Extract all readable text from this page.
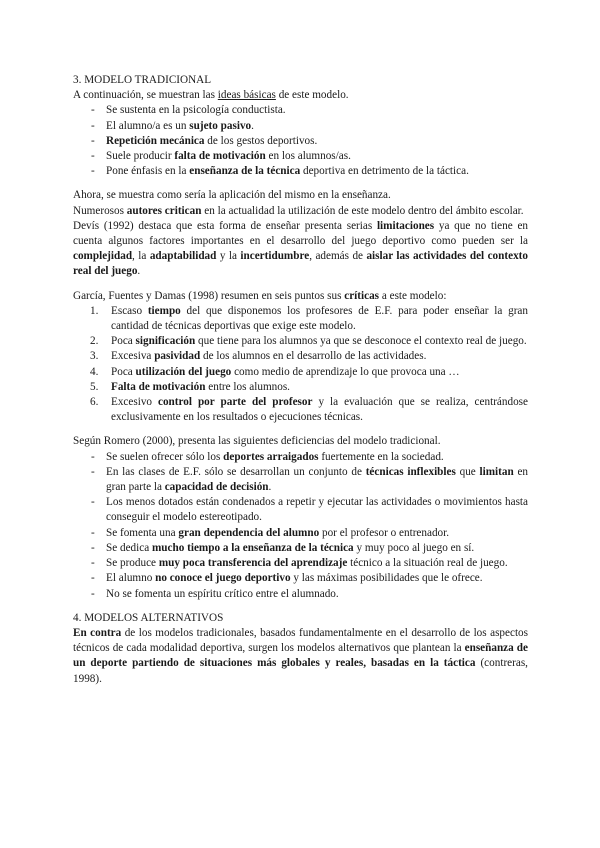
3. MODELO TRADICIONAL

A continuación, se muestran las ideas básicas de este modelo.

- Se sustenta en la psicología conductista.
- El alumno/a es un sujeto pasivo.
- Repetición mecánica de los gestos deportivos.
- Suele producir falta de motivación en los alumnos/as.
- Pone énfasis en la enseñanza de la técnica deportiva en detrimento de la táctica.

Ahora, se muestra como sería la aplicación del mismo en la enseñanza.

Numerosos autores critican en la actualidad la utilización de este modelo dentro del ámbito escolar.

Devís (1992) destaca que esta forma de enseñar presenta serias limitaciones ya que no tiene en cuenta algunos factores importantes en el desarrollo del juego deportivo como pueden ser la complejidad, la adaptabilidad y la incertidumbre, además de aislar las actividades del contexto real del juego.

García, Fuentes y Damas (1998) resumen en seis puntos sus críticas a este modelo:

1. Escaso tiempo del que disponemos los profesores de E.F. para poder enseñar la gran cantidad de técnicas deportivas que exige este modelo.
2. Poca significación que tiene para los alumnos ya que se desconoce el contexto real de juego.
3. Excesiva pasividad de los alumnos en el desarrollo de las actividades.
4. Poca utilización del juego como medio de aprendizaje lo que provoca una …
5. Falta de motivación entre los alumnos.
6. Excesivo control por parte del profesor y la evaluación que se realiza, centrándose exclusivamente en los resultados o ejecuciones técnicas.

Según Romero (2000), presenta las siguientes deficiencias del modelo tradicional.

- Se suelen ofrecer sólo los deportes arraigados fuertemente en la sociedad.
- En las clases de E.F. sólo se desarrollan un conjunto de técnicas inflexibles que limitan en gran parte la capacidad de decisión.
- Los menos dotados están condenados a repetir y ejecutar las actividades o movimientos hasta conseguir el modelo estereotipado.
- Se fomenta una gran dependencia del alumno por el profesor o entrenador.
- Se dedica mucho tiempo a la enseñanza de la técnica y muy poco al juego en sí.
- Se produce muy poca transferencia del aprendizaje técnico a la situación real de juego.
- El alumno no conoce el juego deportivo y las máximas posibilidades que le ofrece.
- No se fomenta un espíritu crítico entre el alumnado.

4. MODELOS ALTERNATIVOS

En contra de los modelos tradicionales, basados fundamentalmente en el desarrollo de los aspectos técnicos de cada modalidad deportiva, surgen los modelos alternativos que plantean la enseñanza de un deporte partiendo de situaciones más globales y reales, basadas en la táctica (contreras, 1998).
